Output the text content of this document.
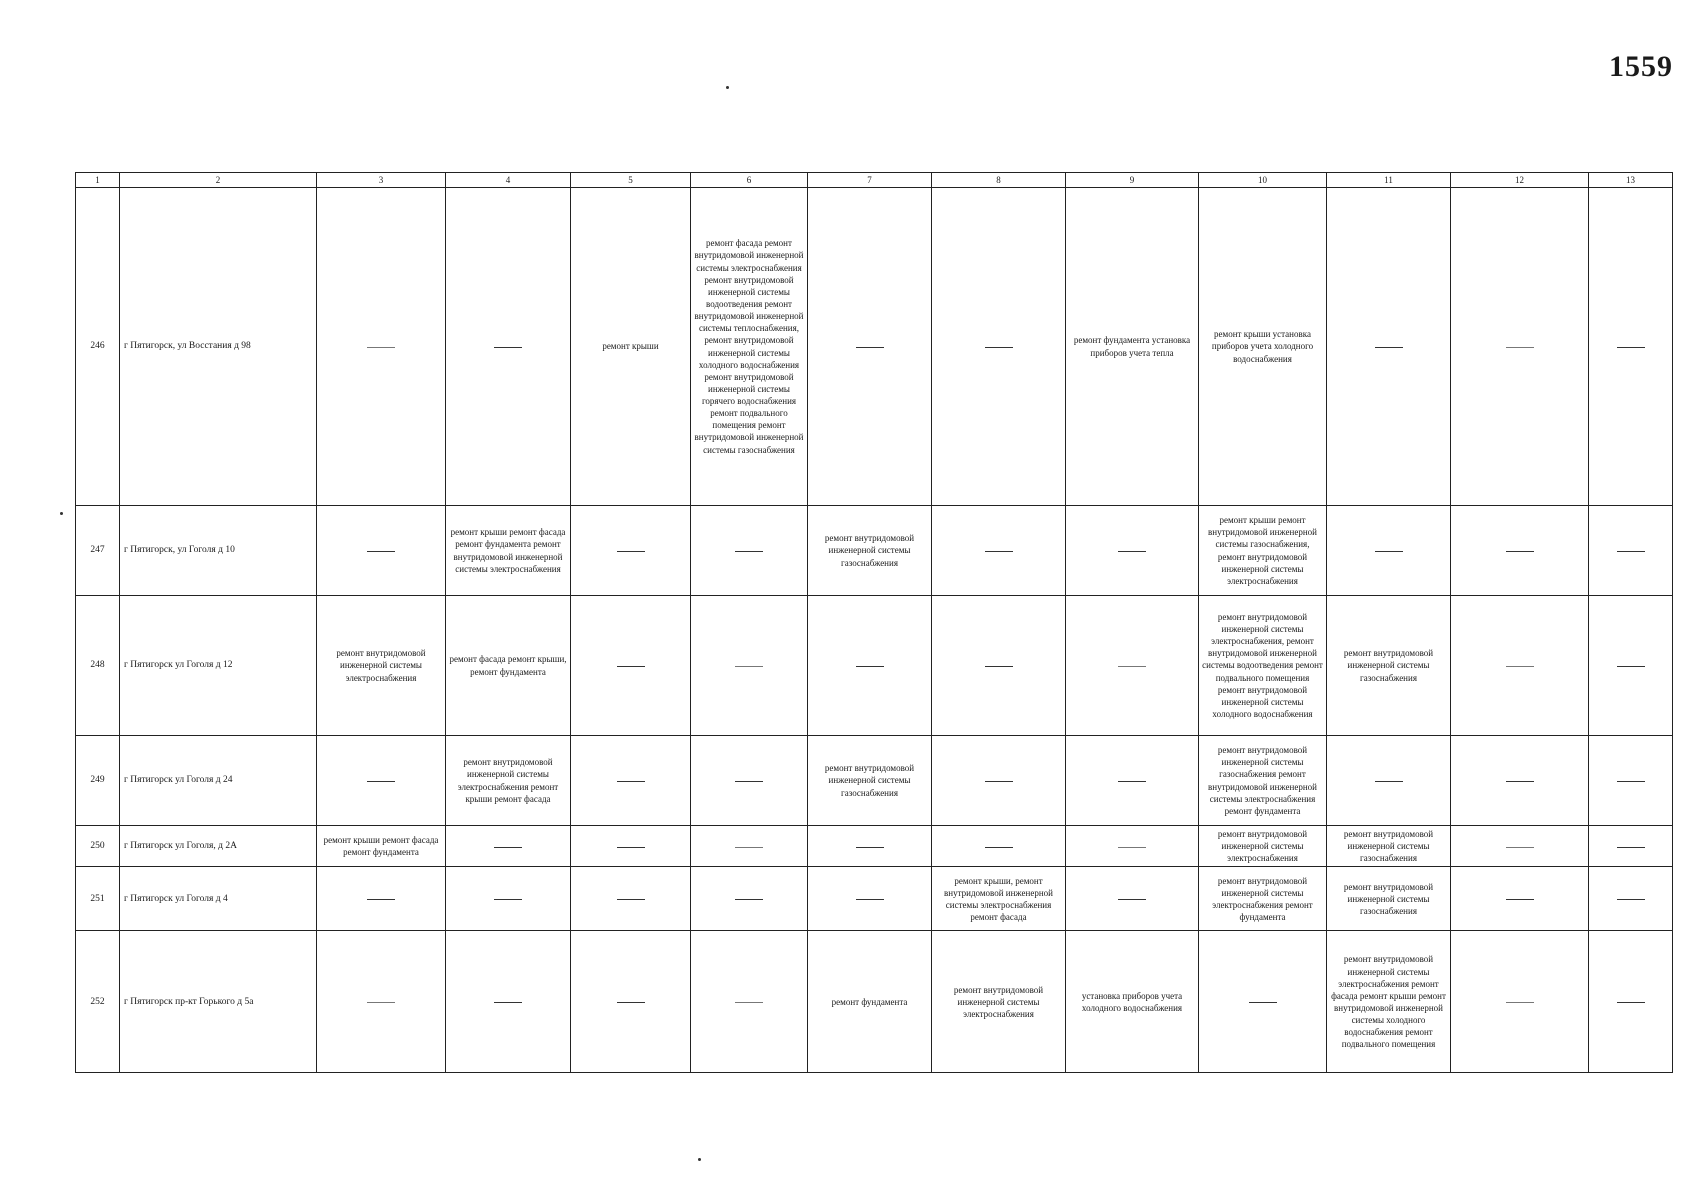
1559
1	2	3	4	5	6	7	8	9	10	11	12	13
246	г Пятигорск, ул Восстания д 98			ремонт крыши	ремонт фасада ремонт внутридомовой инженерной системы электроснабжения ремонт внутридомовой инженерной системы водоотведения ремонт внутридомовой инженерной системы теплоснабжения, ремонт внутридомовой инженерной системы холодного водоснабжения ремонт внутридомовой инженерной системы горячего водоснабжения ремонт подвального помещения ремонт внутридомовой инженерной системы газоснабжения			ремонт фундамента установка приборов учета тепла	ремонт крыши установка приборов учета холодного водоснабжения			
247	г Пятигорск, ул Гоголя д 10		ремонт крыши ремонт фасада ремонт фундамента ремонт внутридомовой инженерной системы электроснабжения			ремонт внутридомовой инженерной системы газоснабжения			ремонт крыши ремонт внутридомовой инженерной системы газоснабжения, ремонт внутридомовой инженерной системы электроснабжения			
248	г Пятигорск ул Гоголя д 12	ремонт внутридомовой инженерной системы электроснабжения	ремонт фасада ремонт крыши, ремонт фундамента						ремонт внутридомовой инженерной системы электроснабжения, ремонт внутридомовой инженерной системы водоотведения ремонт подвального помещения ремонт внутридомовой инженерной системы холодного водоснабжения	ремонт внутридомовой инженерной системы газоснабжения		
249	г Пятигорск ул Гоголя д 24		ремонт внутридомовой инженерной системы электроснабжения ремонт крыши ремонт фасада			ремонт внутридомовой инженерной системы газоснабжения			ремонт внутридомовой инженерной системы газоснабжения ремонт внутридомовой инженерной системы электроснабжения ремонт фундамента			
250	г Пятигорск ул Гоголя, д 2А	ремонт крыши ремонт фасада ремонт фундамента							ремонт внутридомовой инженерной системы электроснабжения	ремонт внутридомовой инженерной системы газоснабжения		
251	г Пятигорск ул Гоголя д 4						ремонт крыши, ремонт внутридомовой инженерной системы электроснабжения ремонт фасада		ремонт внутридомовой инженерной системы электроснабжения ремонт фундамента	ремонт внутридомовой инженерной системы газоснабжения		
252	г Пятигорск пр-кт Горького д 5а					ремонт фундамента	ремонт внутридомовой инженерной системы электроснабжения	установка приборов учета холодного водоснабжения		ремонт внутридомовой инженерной системы электроснабжения ремонт фасада ремонт крыши ремонт внутридомовой инженерной системы холодного водоснабжения ремонт подвального помещения		
